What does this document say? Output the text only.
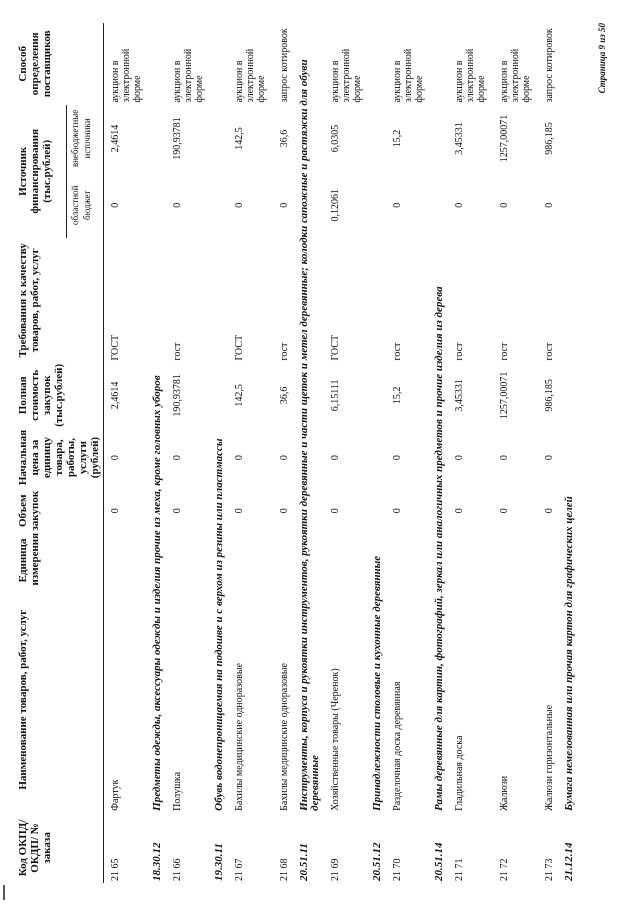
Код ОКПД/ ОКДП/ № заказа	Наименование товаров, работ, услуг	Единица измерения	Объем закупок	Начальная цена за единицу товара, работы, услуги (рублей)	Полная стоимость закупок (тыс.рублей)	Требования к качеству товаров, работ, услуг	Источник финансирования (тыс.рублей)		Способ определения поставщиков
							областной бюджет	внебюджетные источники	
21 65	Фартук		0	0	2,4614	ГОСТ	0	2,4614	аукцион в электронной форме
18.30.12	Предметы одежды, аксессуары одежды и изделия прочие из меха, кроме головных уборов								
21 66	Полушка		0	0	190,93781	гост	0	190,93781	аукцион в электронной форме
19.30.11	Обувь водонепроницаемая на подошве и с верхом из резины или пластмассы								
21 67	Бахилы медицинские одноразовые		0	0	142,5	ГОСТ	0	142,5	аукцион в электронной форме
21 68	Бахилы медицинские одноразовые		0	0	36,6	гост	0	36,6	запрос котировок
20.51.11	Инструменты, корпуса и рукоятки инструментов, рукоятки деревянные и части щеток и метел деревянные; колодки сапожные и растяжки для обуви деревянные								
21 69	Хозяйственные товары (Черенок)		0	0	6,15111	ГОСТ	0,12061	6,0305	аукцион в электронной форме
20.51.12	Принадлежности столовые и кухонные деревянные								
21 70	Разделочная доска деревянная		0	0	15,2	гост	0	15,2	аукцион в электронной форме
20.51.14	Рамы деревянные для картин, фотографий, зеркал или аналогичных предметов и прочие изделия из дерева								
21 71	Гладильная доска		0	0	3,45331	гост	0	3,45331	аукцион в электронной форме
21 72	Жалюзи		0	0	1257,00071	гост	0	1257,00071	аукцион в электронной форме
21 73	Жалюзи горизонтальные		0	0	986,185	гост	0	986,185	запрос котировок
21.12.14	Бумага немелованная или прочая картон для графических целей								
Страница 9 из 50
